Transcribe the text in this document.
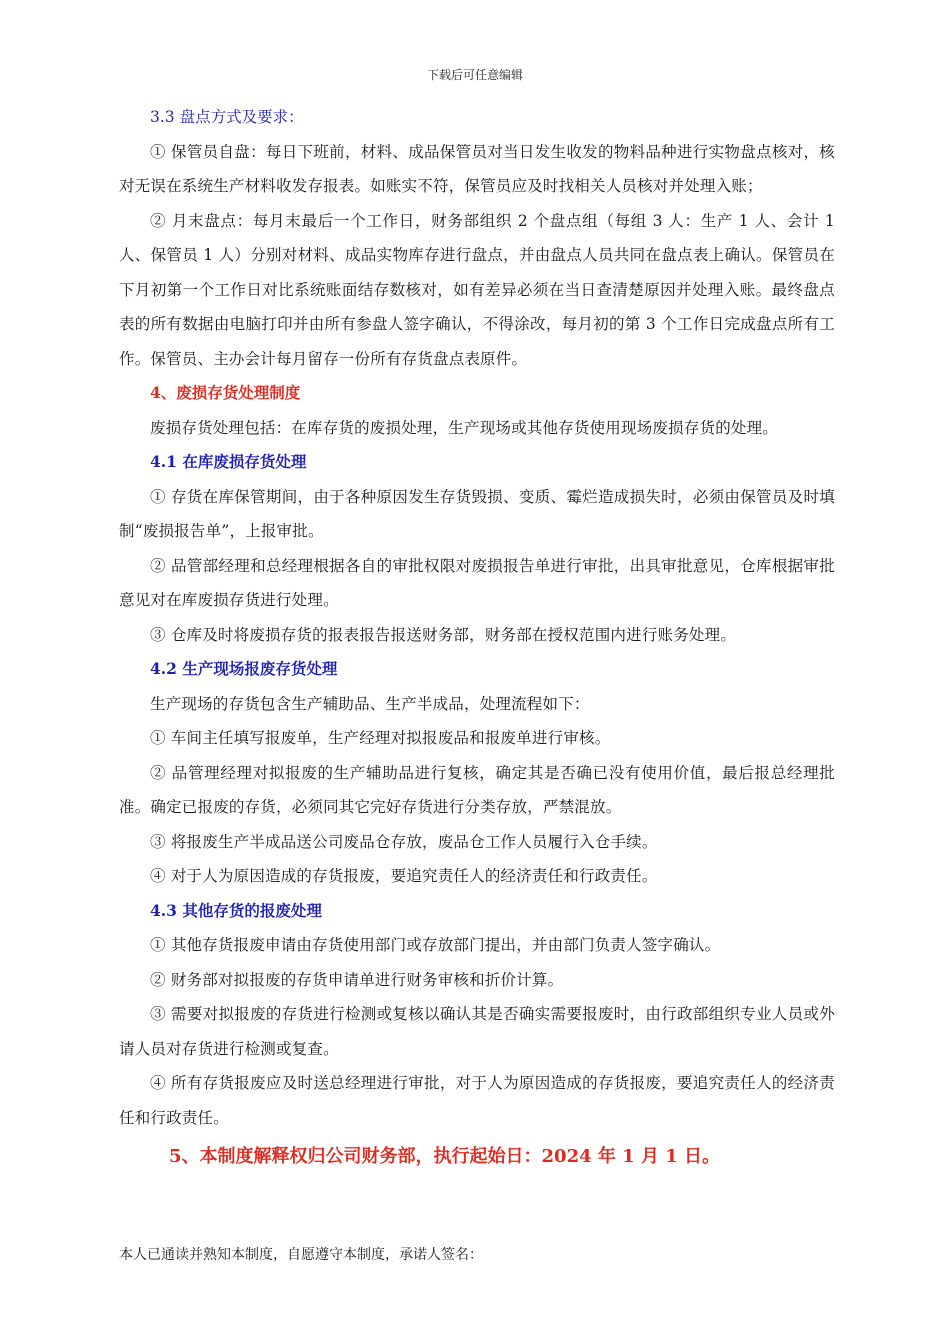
下载后可任意编辑

3.3 盘点方式及要求：

① 保管员自盘：每日下班前，材料、成品保管员对当日发生收发的物料品种进行实物盘点核对，核对无误在系统生产材料收发存报表。如账实不符，保管员应及时找相关人员核对并处理入账；

② 月末盘点：每月末最后一个工作日，财务部组织 2 个盘点组（每组 3 人：生产 1 人、会计 1 人、保管员 1 人）分别对材料、成品实物库存进行盘点，并由盘点人员共同在盘点表上确认。保管员在下月初第一个工作日对比系统账面结存数核对，如有差异必须在当日查清楚原因并处理入账。最终盘点表的所有数据由电脑打印并由所有参盘人签字确认，不得涂改，每月初的第 3 个工作日完成盘点所有工作。保管员、主办会计每月留存一份所有存货盘点表原件。

4、废损存货处理制度

废损存货处理包括：在库存货的废损处理，生产现场或其他存货使用现场废损存货的处理。

4.1 在库废损存货处理

① 存货在库保管期间，由于各种原因发生存货毁损、变质、霉烂造成损失时，必须由保管员及时填制“废损报告单”，上报审批。

② 品管部经理和总经理根据各自的审批权限对废损报告单进行审批，出具审批意见，仓库根据审批意见对在库废损存货进行处理。

③ 仓库及时将废损存货的报表报告报送财务部，财务部在授权范围内进行账务处理。

4.2 生产现场报废存货处理

生产现场的存货包含生产辅助品、生产半成品，处理流程如下：

① 车间主任填写报废单，生产经理对拟报废品和报废单进行审核。

② 品管理经理对拟报废的生产辅助品进行复核，确定其是否确已没有使用价值，最后报总经理批准。确定已报废的存货，必须同其它完好存货进行分类存放，严禁混放。

③ 将报废生产半成品送公司废品仓存放，废品仓工作人员履行入仓手续。

④ 对于人为原因造成的存货报废，要追究责任人的经济责任和行政责任。

4.3 其他存货的报废处理

① 其他存货报废申请由存货使用部门或存放部门提出，并由部门负责人签字确认。

② 财务部对拟报废的存货申请单进行财务审核和折价计算。

③ 需要对拟报废的存货进行检测或复核以确认其是否确实需要报废时，由行政部组织专业人员或外请人员对存货进行检测或复查。

④ 所有存货报废应及时送总经理进行审批，对于人为原因造成的存货报废，要追究责任人的经济责任和行政责任。

5、本制度解释权归公司财务部，执行起始日：2024 年 1 月 1 日。

本人已通读并熟知本制度，自愿遵守本制度，承诺人签名：
